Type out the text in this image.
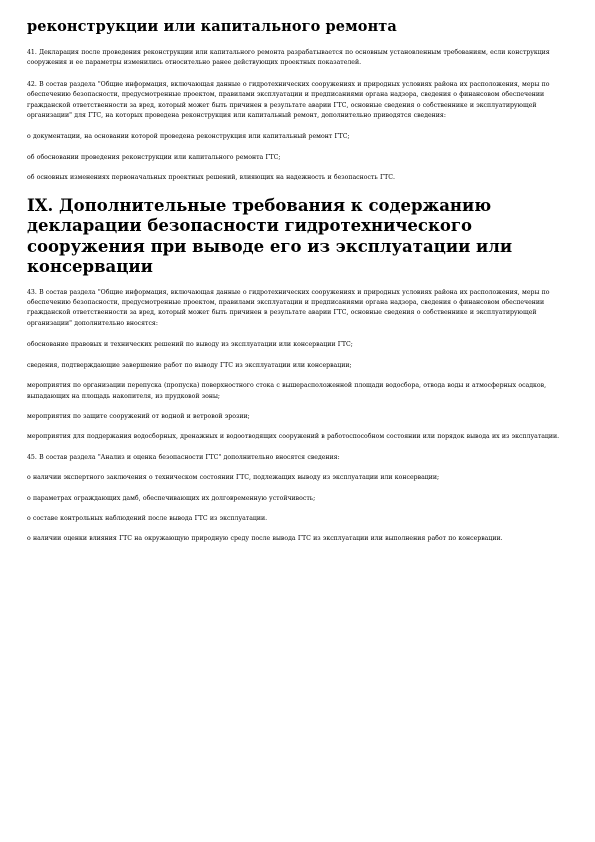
реконструкции или капитального ремонта

41. Декларация после проведения реконструкции или капитального ремонта разрабатывается по основным установленным требованиям, если конструкция сооружения и ее параметры изменились относительно ранее действующих проектных показателей.

42. В состав раздела "Общие информация, включающая данные о гидротехнических сооружениях и природных условиях района их расположения, меры по обеспечению безопасности, предусмотренные проектом, правилами эксплуатации и предписаниями органа надзора, сведения о финансовом обеспечении гражданской ответственности за вред, который может быть причинен в результате аварии ГТС, основные сведения о собственнике и эксплуатирующей организации" для ГТС, на которых проведена реконструкция или капитальный ремонт, дополнительно приводятся сведения:

о документации, на основании которой проведена реконструкция или капитальный ремонт ГТС;

об обосновании проведения реконструкции или капитального ремонта ГТС;

об основных изменениях первоначальных проектных решений, влияющих на надежность и безопасность ГТС.

IX. Дополнительные требования к содержанию декларации безопасности гидротехнического сооружения при выводе его из эксплуатации или консервации

43. В состав раздела "Общие информация, включающая данные о гидротехнических сооружениях и природных условиях района их расположения, меры по обеспечению безопасности, предусмотренные проектом, правилами эксплуатации и предписаниями органа надзора, сведения о финансовом обеспечении гражданской ответственности за вред, который может быть причинен в результате аварии ГТС, основные сведения о собственнике и эксплуатирующей организации" дополнительно вносятся:

обоснование правовых и технических решений по выводу из эксплуатации или консервации ГТС;

сведения, подтверждающие завершение работ по выводу ГТС из эксплуатации или консервации;

мероприятия по организации перепуска (пропуска) поверхностного стока с вышерасположенной площади водосбора, отвода воды и атмосферных осадков, выпадающих на площадь накопителя, из прудковой зоны;

мероприятия по защите сооружений от водной и ветровой эрозии;

мероприятия для поддержания водосборных, дренажных и водоотводящих сооружений в работоспособном состоянии или порядок вывода их из эксплуатации.

45. В состав раздела "Анализ и оценка безопасности ГТС" дополнительно вносятся сведения:

о наличии экспертного заключения о техническом состоянии ГТС, подлежащих выводу из эксплуатации или консервации;

о параметрах ограждающих дамб, обеспечивающих их долговременную устойчивость;

о составе контрольных наблюдений после вывода ГТС из эксплуатации.

о наличии оценки влияния ГТС на окружающую природную среду после вывода ГТС из эксплуатации или выполнения работ по консервации.
